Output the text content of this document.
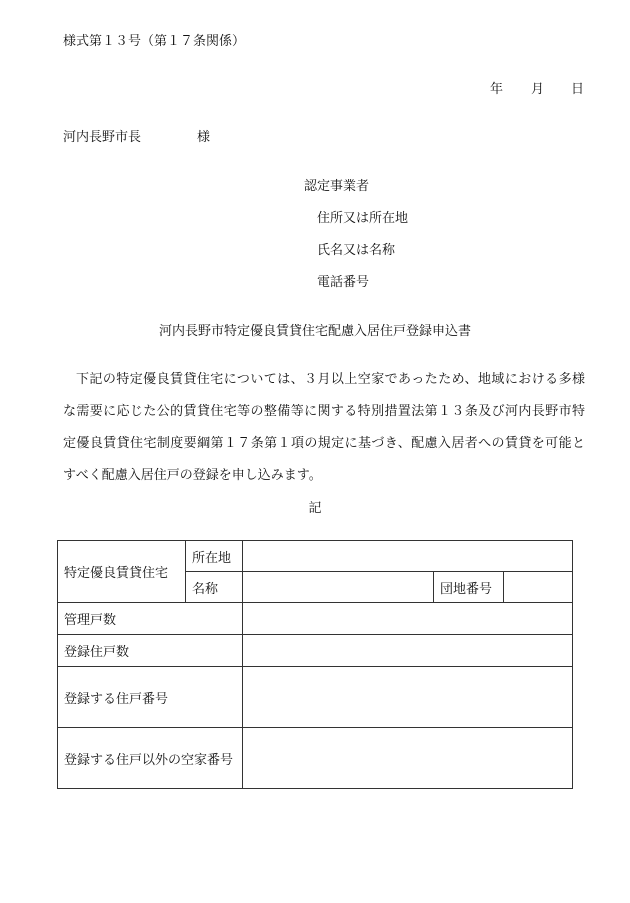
様式第１３号（第１７条関係）
年 月 日
河内長野市長	様
認定事業者
住所又は所在地
氏名又は名称
電話番号
河内長野市特定優良賃貸住宅配慮入居住戸登録申込書
下記の特定優良賃貸住宅については、３月以上空家であったため、地域における多様
な需要に応じた公的賃貸住宅等の整備等に関する特別措置法第１３条及び河内長野市特
定優良賃貸住宅制度要綱第１７条第１項の規定に基づき、配慮入居者への賃貸を可能と
すべく配慮入居住戸の登録を申し込みます。
記
特定優良賃貸住宅	所在地			
	名称		団地番号	
管理戸数				
登録住戸数				
登録する住戸番号				
登録する住戸以外の空家番号				
